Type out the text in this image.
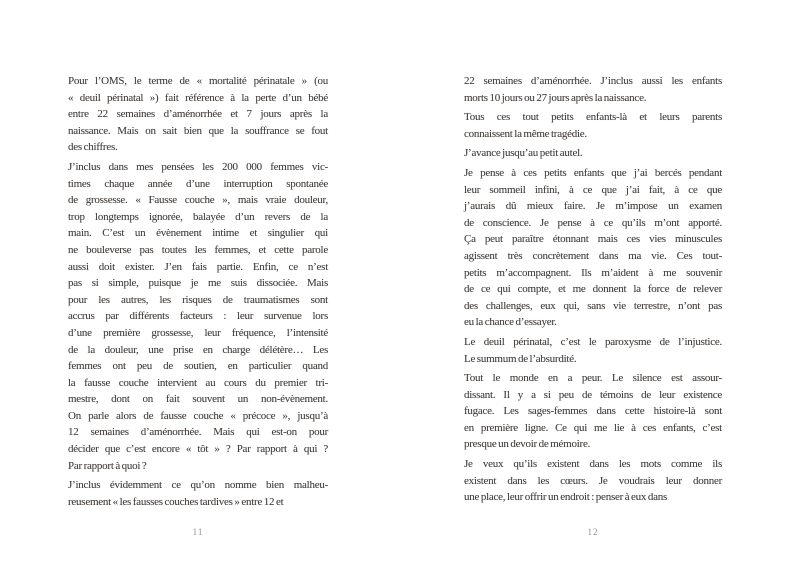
Pour l’OMS, le terme de « mortalité périnatale » (ou
« deuil périnatal ») fait référence à la perte d’un bébé
entre 22 semaines d’aménorrhée et 7 jours après la
naissance. Mais on sait bien que la souffrance se fout
des chiffres.
J’inclus dans mes pensées les 200 000 femmes vic-
times chaque année d’une interruption spontanée
de grossesse. « Fausse couche », mais vraie douleur,
trop longtemps ignorée, balayée d’un revers de la
main. C’est un évènement intime et singulier qui
ne bouleverse pas toutes les femmes, et cette parole
aussi doit exister. J’en fais partie. Enfin, ce n’est
pas si simple, puisque je me suis dissociée. Mais
pour les autres, les risques de traumatismes sont
accrus par différents facteurs : leur survenue lors
d’une première grossesse, leur fréquence, l’intensité
de la douleur, une prise en charge délétère… Les
femmes ont peu de soutien, en particulier quand
la fausse couche intervient au cours du premier tri-
mestre, dont on fait souvent un non-évènement.
On parle alors de fausse couche « précoce », jusqu’à
12 semaines d’aménorrhée. Mais qui est-on pour
décider que c’est encore « tôt » ? Par rapport à qui ?
Par rapport à quoi ?
J’inclus évidemment ce qu’on nomme bien malheu-
reusement « les fausses couches tardives » entre 12 et
11
22 semaines d’aménorrhée. J’inclus aussi les enfants
morts 10 jours ou 27 jours après la naissance.
Tous ces tout petits enfants-là et leurs parents
connaissent la même tragédie.
J’avance jusqu’au petit autel.
Je pense à ces petits enfants que j’ai bercés pendant
leur sommeil infini, à ce que j’ai fait, à ce que
j’aurais dû mieux faire. Je m’impose un examen
de conscience. Je pense à ce qu’ils m’ont apporté.
Ça peut paraître étonnant mais ces vies minuscules
agissent très concrètement dans ma vie. Ces tout-
petits m’accompagnent. Ils m’aident à me souvenir
de ce qui compte, et me donnent la force de relever
des challenges, eux qui, sans vie terrestre, n’ont pas
eu la chance d’essayer.
Le deuil périnatal, c’est le paroxysme de l’injustice.
Le summum de l’absurdité.
Tout le monde en a peur. Le silence est assour-
dissant. Il y a si peu de témoins de leur existence
fugace. Les sages-femmes dans cette histoire-là sont
en première ligne. Ce qui me lie à ces enfants, c’est
presque un devoir de mémoire.
Je veux qu’ils existent dans les mots comme ils
existent dans les cœurs. Je voudrais leur donner
une place, leur offrir un endroit : penser à eux dans
12
